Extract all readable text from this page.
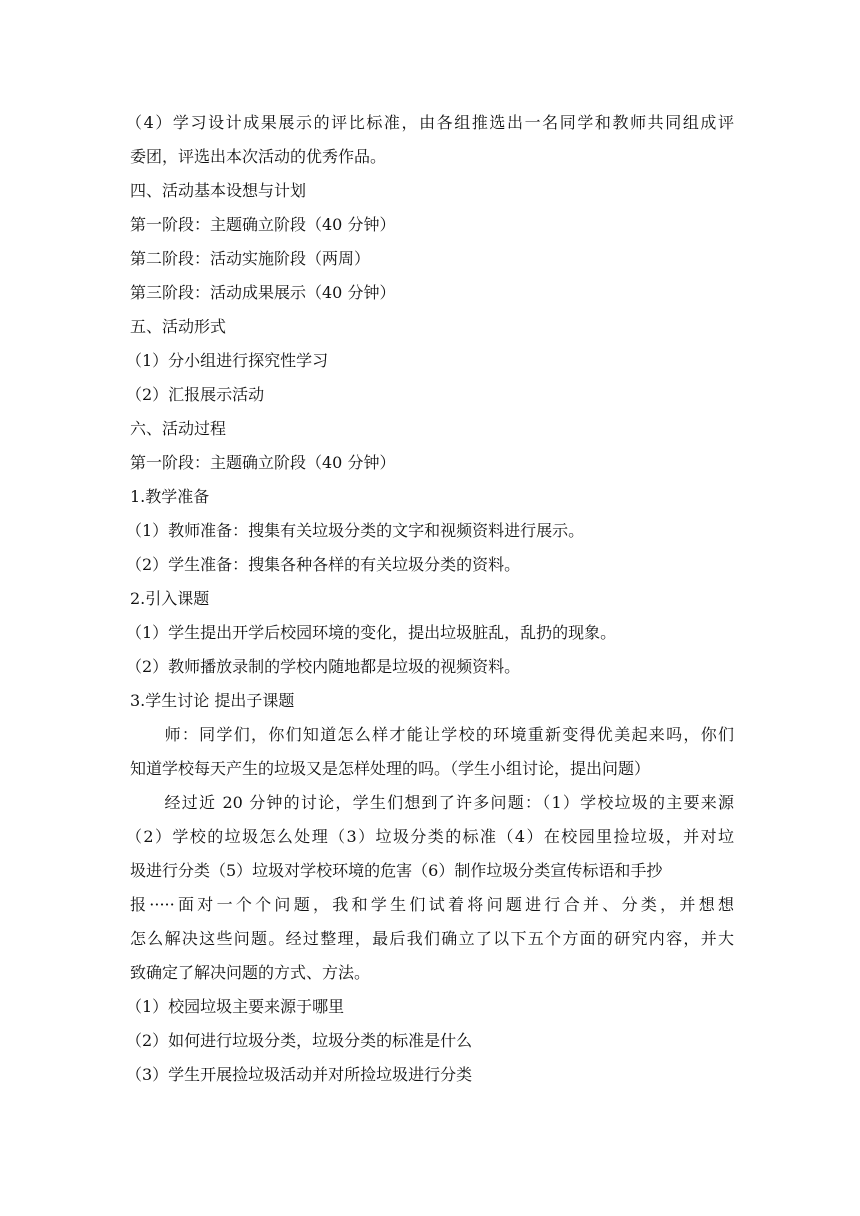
（4）学习设计成果展示的评比标准，由各组推选出一名同学和教师共同组成评
委团，评选出本次活动的优秀作品。
四、活动基本设想与计划
第一阶段：主题确立阶段（40 分钟）
第二阶段：活动实施阶段（两周）
第三阶段：活动成果展示（40 分钟）
五、活动形式
（1）分小组进行探究性学习
（2）汇报展示活动
六、活动过程
第一阶段：主题确立阶段（40 分钟）
1.教学准备
（1）教师准备：搜集有关垃圾分类的文字和视频资料进行展示。
（2）学生准备：搜集各种各样的有关垃圾分类的资料。
2.引入课题
（1）学生提出开学后校园环境的变化，提出垃圾脏乱，乱扔的现象。
（2）教师播放录制的学校内随地都是垃圾的视频资料。
3.学生讨论 提出子课题
　　师：同学们，你们知道怎么样才能让学校的环境重新变得优美起来吗，你们
知道学校每天产生的垃圾又是怎样处理的吗。（学生小组讨论，提出问题）
　　经过近 20 分钟的讨论，学生们想到了许多问题：（1）学校垃圾的主要来源
（2）学校的垃圾怎么处理（3）垃圾分类的标准（4）在校园里捡垃圾，并对垃
圾进行分类（5）垃圾对学校环境的危害（6）制作垃圾分类宣传标语和手抄
报·····面对一个个问题，我和学生们试着将问题进行合并、分类，并想想
怎么解决这些问题。经过整理，最后我们确立了以下五个方面的研究内容，并大
致确定了解决问题的方式、方法。
（1）校园垃圾主要来源于哪里
（2）如何进行垃圾分类，垃圾分类的标准是什么
（3）学生开展捡垃圾活动并对所捡垃圾进行分类
